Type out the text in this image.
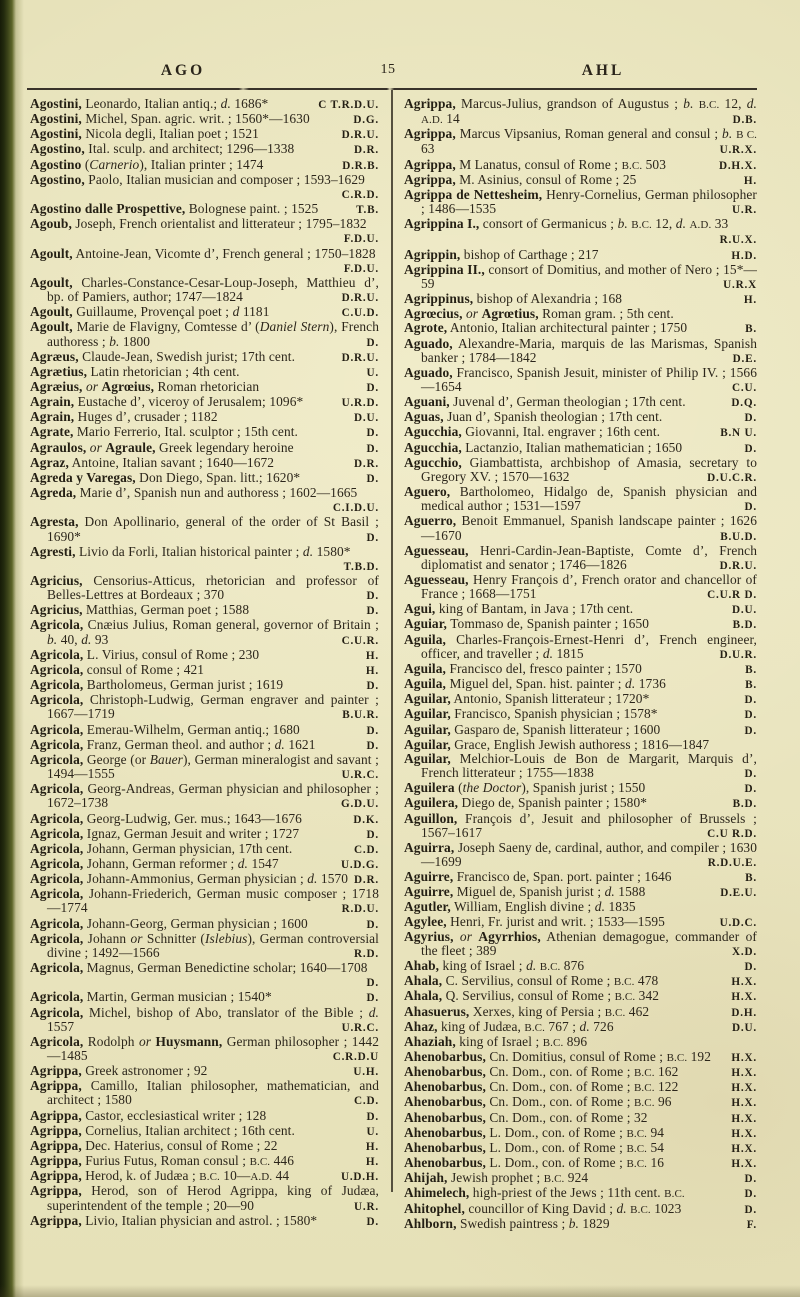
AGO	15	AHL
Agostini, Leonardo, Italian antiq.; d. 1686*	C T.R.D.U.
Agostini, Michel, Span. agric. writ. ; 1560*—1630	D.G.
Agostini, Nicola degli, Italian poet ; 1521	D.R.U.
Agostino, Ital. sculp. and architect; 1296—1338	D.R.
Agostino (Carnerio), Italian printer ; 1474	D.R.B.
Agostino, Paolo, Italian musician and composer ; 1593–1629
C.R.D.
Agostino dalle Prospettive, Bolognese paint. ; 1525	T.B.
Agoub, Joseph, French orientalist and litterateur ; 1795–1832
F.D.U.
Agoult, Antoine-Jean, Vicomte d’, French general ; 1750–1828
F.D.U.
Agoult, Charles-Constance-Cesar-Loup-Joseph, Matthieu d’, bp. of Pamiers, author; 1747—1824	D.R.U.
Agoult, Guillaume, Provençal poet ; d 1181	C.U.D.
Agoult, Marie de Flavigny, Comtesse d’ (Daniel Stern), French authoress ; b. 1800	D.
Agræus, Claude-Jean, Swedish jurist; 17th cent.	D.R.U.
Agrætius, Latin rhetorician ; 4th cent.	U.
Agræius, or Agrœius, Roman rhetorician	D.
Agrain, Eustache d’, viceroy of Jerusalem; 1096*	U.R.D.
Agrain, Huges d’, crusader ; 1182	D.U.
Agrate, Mario Ferrerio, Ital. sculptor ; 15th cent.	D.
Agraulos, or Agraule, Greek legendary heroine	D.
Agraz, Antoine, Italian savant ; 1640—1672	D.R.
Agreda y Varegas, Don Diego, Span. litt.; 1620*	D.
Agreda, Marie d’, Spanish nun and authoress ; 1602—1665
C.I.D.U.
Agresta, Don Apollinario, general of the order of St Basil ; 1690*	D.
Agresti, Livio da Forli, Italian historical painter ; d. 1580*
T.B.D.
Agricius, Censorius-Atticus, rhetorician and professor of Belles-Lettres at Bordeaux ; 370	D.
Agricius, Matthias, German poet ; 1588	D.
Agricola, Cnæius Julius, Roman general, governor of Britain ; b. 40, d. 93	C.U.R.
Agricola, L. Virius, consul of Rome ; 230	H.
Agricola, consul of Rome ; 421	H.
Agricola, Bartholomeus, German jurist ; 1619	D.
Agricola, Christoph-Ludwig, German engraver and painter ; 1667—1719	B.U.R.
Agricola, Emerau-Wilhelm, German antiq.; 1680	D.
Agricola, Franz, German theol. and author ; d. 1621	D.
Agricola, George (or Bauer), German mineralogist and savant ; 1494—1555	U.R.C.
Agricola, Georg-Andreas, German physician and philosopher ; 1672–1738	G.D.U.
Agricola, Georg-Ludwig, Ger. mus.; 1643—1676	D.K.
Agricola, Ignaz, German Jesuit and writer ; 1727	D.
Agricola, Johann, German physician, 17th cent.	C.D.
Agricola, Johann, German reformer ; d. 1547	U.D.G.
Agricola, Johann-Ammonius, German physician ; d. 1570 D.R.
Agricola, Johann-Friederich, German music composer ; 1718—1774	R.D.U.
Agricola, Johann-Georg, German physician ; 1600	D.
Agricola, Johann or Schnitter (Islebius), German controversial divine ; 1492—1566	R.D.
Agricola, Magnus, German Benedictine scholar; 1640—1708
D.
Agricola, Martin, German musician ; 1540*	D.
Agricola, Michel, bishop of Abo, translator of the Bible ; d. 1557	U.R.C.
Agricola, Rodolph or Huysmann, German philosopher ; 1442—1485	C.R.D.U
Agrippa, Greek astronomer ; 92	U.H.
Agrippa, Camillo, Italian philosopher, mathematician, and architect ; 1580	C.D.
Agrippa, Castor, ecclesiastical writer ; 128	D.
Agrippa, Cornelius, Italian architect ; 16th cent.	U.
Agrippa, Dec. Haterius, consul of Rome ; 22	H.
Agrippa, Furius Futus, Roman consul ; B.C. 446	H.
Agrippa, Herod, k. of Judæa ; B.C. 10—A.D. 44	U.D.H.
Agrippa, Herod, son of Herod Agrippa, king of Judæa, superintendent of the temple ; 20—90	U.R.
Agrippa, Livio, Italian physician and astrol. ; 1580*	D.
Agrippa, Marcus-Julius, grandson of Augustus ; b. B.C. 12, d. A.D. 14	D.B.
Agrippa, Marcus Vipsanius, Roman general and consul ; b. B C. 63	U.R.X.
Agrippa, M Lanatus, consul of Rome ; B.C. 503	D.H.X.
Agrippa, M. Asinius, consul of Rome ; 25	H.
Agrippa de Nettesheim, Henry-Cornelius, German philosopher ; 1486—1535	U.R.
Agrippina I., consort of Germanicus ; b. B.C. 12, d. A.D. 33
R.U.X.
Agrippin, bishop of Carthage ; 217	H.D.
Agrippina II., consort of Domitius, and mother of Nero ; 15*—59	U.R.X
Agrippinus, bishop of Alexandria ; 168	H.
Agrœcius, or Agrœtius, Roman gram. ; 5th cent.
Agrote, Antonio, Italian architectural painter ; 1750	B.
Aguado, Alexandre-Maria, marquis de las Marismas, Spanish banker ; 1784—1842	D.E.
Aguado, Francisco, Spanish Jesuit, minister of Philip IV. ; 1566—1654	C.U.
Aguani, Juvenal d’, German theologian ; 17th cent.	D.Q.
Aguas, Juan d’, Spanish theologian ; 17th cent.	D.
Agucchia, Giovanni, Ital. engraver ; 16th cent.	B.N U.
Agucchia, Lactanzio, Italian mathematician ; 1650	D.
Agucchio, Giambattista, archbishop of Amasia, secretary to Gregory XV. ; 1570—1632	D.U.C.R.
Aguero, Bartholomeo, Hidalgo de, Spanish physician and medical author ; 1531—1597	D.
Aguerro, Benoit Emmanuel, Spanish landscape painter ; 1626—1670	B.U.D.
Aguesseau, Henri-Cardin-Jean-Baptiste, Comte d’, French diplomatist and senator ; 1746—1826	D.R.U.
Aguesseau, Henry François d’, French orator and chancellor of France ; 1668—1751	C.U.R D.
Agui, king of Bantam, in Java ; 17th cent.	D.U.
Aguiar, Tommaso de, Spanish painter ; 1650	B.D.
Aguila, Charles-François-Ernest-Henri d’, French engineer, officer, and traveller ; d. 1815	D.U.R.
Aguila, Francisco del, fresco painter ; 1570	B.
Aguila, Miguel del, Span. hist. painter ; d. 1736	B.
Aguilar, Antonio, Spanish litterateur ; 1720*	D.
Aguilar, Francisco, Spanish physician ; 1578*	D.
Aguilar, Gasparo de, Spanish litterateur ; 1600	D.
Aguilar, Grace, English Jewish authoress ; 1816—1847
Aguilar, Melchior-Louis de Bon de Margarit, Marquis d’, French litterateur ; 1755—1838	D.
Aguilera (the Doctor), Spanish jurist ; 1550	D.
Aguilera, Diego de, Spanish painter ; 1580*	B.D.
Aguillon, François d’, Jesuit and philosopher of Brussels ; 1567–1617	C.U R.D.
Aguirra, Joseph Saeny de, cardinal, author, and compiler ; 1630—1699	R.D.U.E.
Aguirre, Francisco de, Span. port. painter ; 1646	B.
Aguirre, Miguel de, Spanish jurist ; d. 1588	D.E.U.
Agutler, William, English divine ; d. 1835
Agylee, Henri, Fr. jurist and writ. ; 1533—1595	U.D.C.
Agyrius, or Agyrrhios, Athenian demagogue, commander of the fleet ; 389	X.D.
Ahab, king of Israel ; d. B.C. 876	D.
Ahala, C. Servilius, consul of Rome ; B.C. 478	H.X.
Ahala, Q. Servilius, consul of Rome ; B.C. 342	H.X.
Ahasuerus, Xerxes, king of Persia ; B.C. 462	D.H.
Ahaz, king of Judæa, B.C. 767 ; d. 726	D.U.
Ahaziah, king of Israel ; B.C. 896
Ahenobarbus, Cn. Domitius, consul of Rome ; B.C. 192 H.X.
Ahenobarbus, Cn. Dom., con. of Rome ; B.C. 162	H.X.
Ahenobarbus, Cn. Dom., con. of Rome ; B.C. 122	H.X.
Ahenobarbus, Cn. Dom., con. of Rome ; B.C. 96	H.X.
Ahenobarbus, Cn. Dom., con. of Rome ; 32	H.X.
Ahenobarbus, L. Dom., con. of Rome ; B.C. 94	H.X.
Ahenobarbus, L. Dom., con. of Rome ; B.C. 54	H.X.
Ahenobarbus, L. Dom., con. of Rome ; B.C. 16	H.X.
Ahijah, Jewish prophet ; B.C. 924	D.
Ahimelech, high-priest of the Jews ; 11th cent. B.C.	D.
Ahitophel, councillor of King David ; d. B.C. 1023	D.
Ahlborn, Swedish paintress ; b. 1829	F.
